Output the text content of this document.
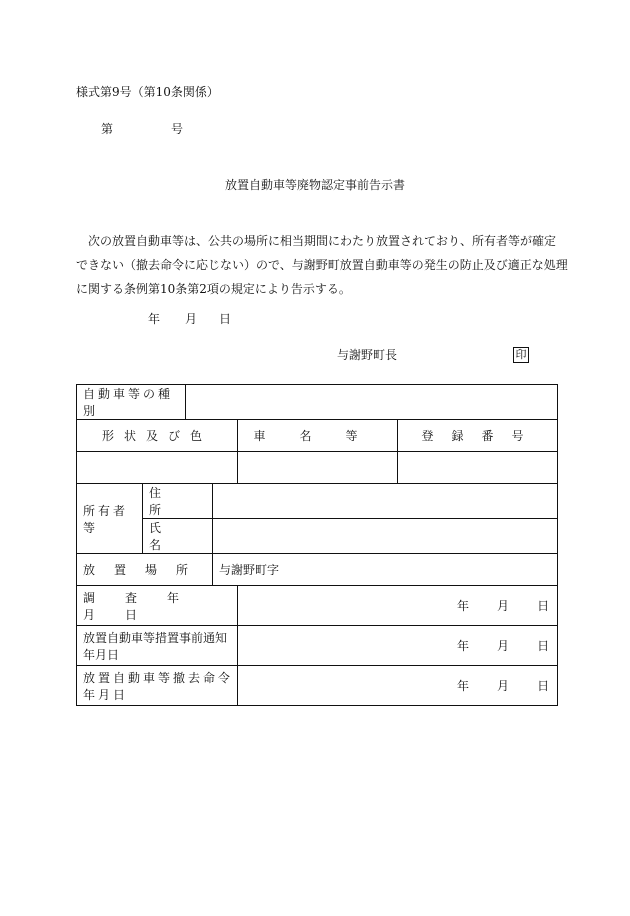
様式第9号（第10条関係）
第	号
放置自動車等廃物認定事前告示書

　次の放置自動車等は、公共の場所に相当期間にわたり放置されており、所有者等が確定

できない（撤去命令に応じない）ので、与謝野町放置自動車等の発生の防止及び適正な処理

に関する条例第10条第2項の規定により告示する。

年 月 日
与謝野町長	印
自動車等の種別					
形状及び色				車名等	登録番号

所有者等	住所				
	氏名				
放置場所			与謝野町字		
調査年月日				年 月 日	
放置自動車等措置事前通知年月日				年 月 日	
放置自動車等撤去命令年月日				年 月 日	
